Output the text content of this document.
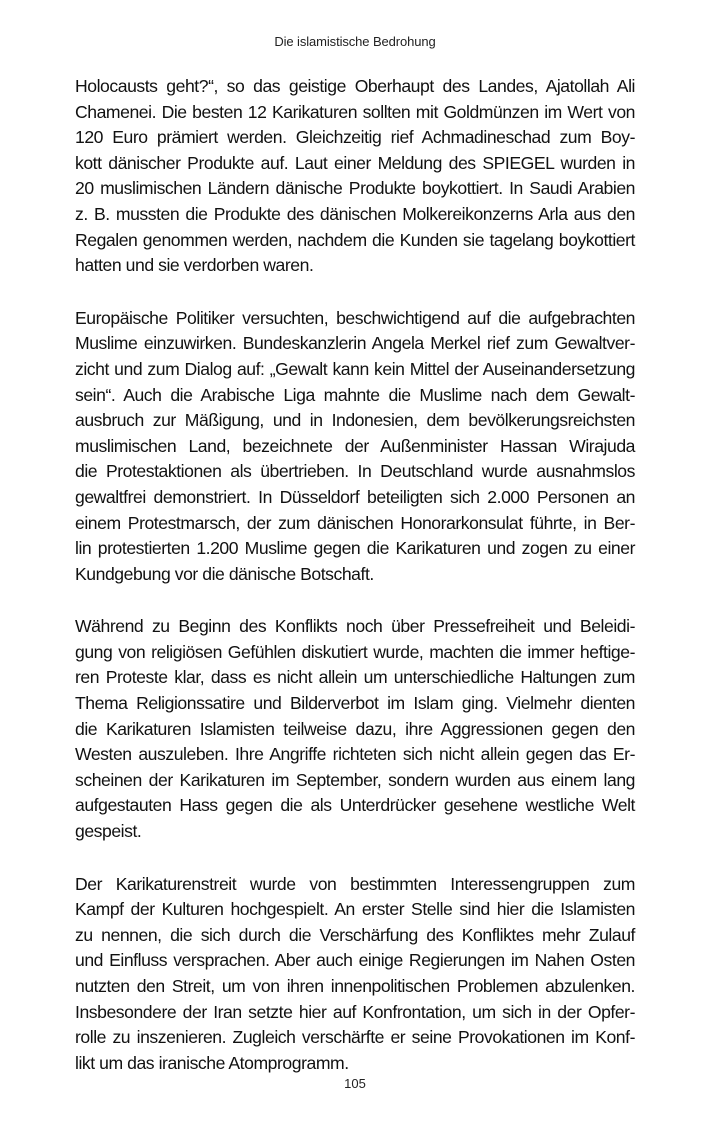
Die islamistische Bedrohung
Holocausts geht?“, so das geistige Oberhaupt des Landes, Ajatollah Ali
Chamenei. Die besten 12 Karikaturen sollten mit Goldmünzen im Wert von
120 Euro prämiert werden. Gleichzeitig rief Achmadineschad zum Boy-
kott dänischer Produkte auf. Laut einer Meldung des SPIEGEL wurden in
20 muslimischen Ländern dänische Produkte boykottiert. In Saudi Arabien
z. B. mussten die Produkte des dänischen Molkereikonzerns Arla aus den
Regalen genommen werden, nachdem die Kunden sie tagelang boykottiert
hatten und sie verdorben waren.
Europäische Politiker versuchten, beschwichtigend auf die aufgebrachten
Muslime einzuwirken. Bundeskanzlerin Angela Merkel rief zum Gewaltver-
zicht und zum Dialog auf: „Gewalt kann kein Mittel der Auseinandersetzung
sein“. Auch die Arabische Liga mahnte die Muslime nach dem Gewalt-
ausbruch zur Mäßigung, und in Indonesien, dem bevölkerungsreichsten
muslimischen Land, bezeichnete der Außenminister Hassan Wirajuda
die Protestaktionen als übertrieben. In Deutschland wurde ausnahmslos
gewaltfrei demonstriert. In Düsseldorf beteiligten sich 2.000 Personen an
einem Protestmarsch, der zum dänischen Honorarkonsulat führte, in Ber-
lin protestierten 1.200 Muslime gegen die Karikaturen und zogen zu einer
Kundgebung vor die dänische Botschaft.
Während zu Beginn des Konflikts noch über Pressefreiheit und Beleidi-
gung von religiösen Gefühlen diskutiert wurde, machten die immer heftige-
ren Proteste klar, dass es nicht allein um unterschiedliche Haltungen zum
Thema Religionssatire und Bilderverbot im Islam ging. Vielmehr dienten
die Karikaturen Islamisten teilweise dazu, ihre Aggressionen gegen den
Westen auszuleben. Ihre Angriffe richteten sich nicht allein gegen das Er-
scheinen der Karikaturen im September, sondern wurden aus einem lang
aufgestauten Hass gegen die als Unterdrücker gesehene westliche Welt
gespeist.
Der Karikaturenstreit wurde von bestimmten Interessengruppen zum
Kampf der Kulturen hochgespielt. An erster Stelle sind hier die Islamisten
zu nennen, die sich durch die Verschärfung des Konfliktes mehr Zulauf
und Einfluss versprachen. Aber auch einige Regierungen im Nahen Osten
nutzten den Streit, um von ihren innenpolitischen Problemen abzulenken.
Insbesondere der Iran setzte hier auf Konfrontation, um sich in der Opfer-
rolle zu inszenieren. Zugleich verschärfte er seine Provokationen im Konf-
likt um das iranische Atomprogramm.
105
